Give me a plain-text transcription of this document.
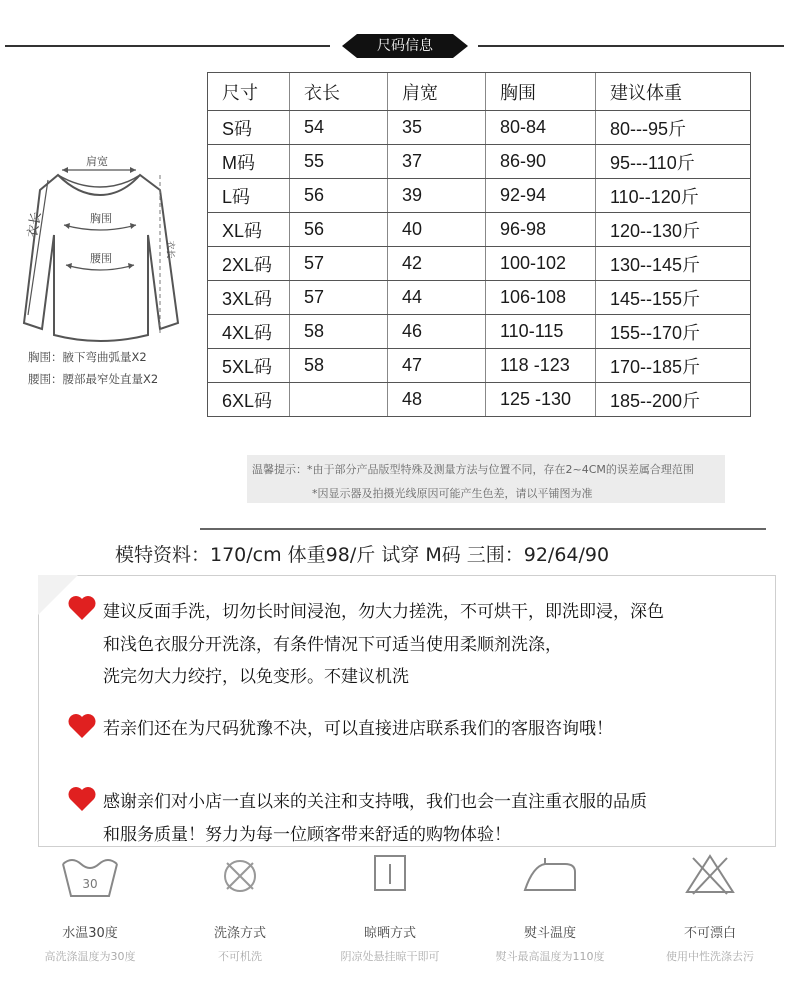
尺码信息
肩宽
胸围
腰围
衣长
衣长
胸围：腋下弯曲弧量X2
腰围：腰部最窄处直量X2
尺寸	衣长	肩宽	胸围	建议体重
S码	54	35	80-84	80---95斤
M码	55	37	86-90	95---110斤
L码	56	39	92-94	110--120斤
XL码	56	40	96-98	120--130斤
2XL码	57	42	100-102	130--145斤
3XL码	57	44	106-108	145--155斤
4XL码	58	46	110-115	155--170斤
5XL码	58	47	118 -123	170--185斤
6XL码		48	125 -130	185--200斤
温馨提示：*由于部分产品版型特殊及测量方法与位置不同，存在2~4CM的误差属合理范围
*因显示器及拍摄光线原因可能产生色差，请以平铺图为准
模特资料：170/cm 体重98/斤 试穿 M码 三围：92/64/90
建议反面手洗，切勿长时间浸泡，勿大力搓洗，不可烘干，即洗即浸，深色
和浅色衣服分开洗涤，有条件情况下可适当使用柔顺剂洗涤，
洗完勿大力绞拧，以免变形。不建议机洗
若亲们还在为尺码犹豫不决，可以直接进店联系我们的客服咨询哦！
感谢亲们对小店一直以来的关注和支持哦，我们也会一直注重衣服的品质
和服务质量！努力为每一位顾客带来舒适的购物体验！
30
水温30度
高洗涤温度为30度
洗涤方式
不可机洗
晾晒方式
阴凉处悬挂晾干即可
熨斗温度
熨斗最高温度为110度
不可漂白
使用中性洗涤去污
